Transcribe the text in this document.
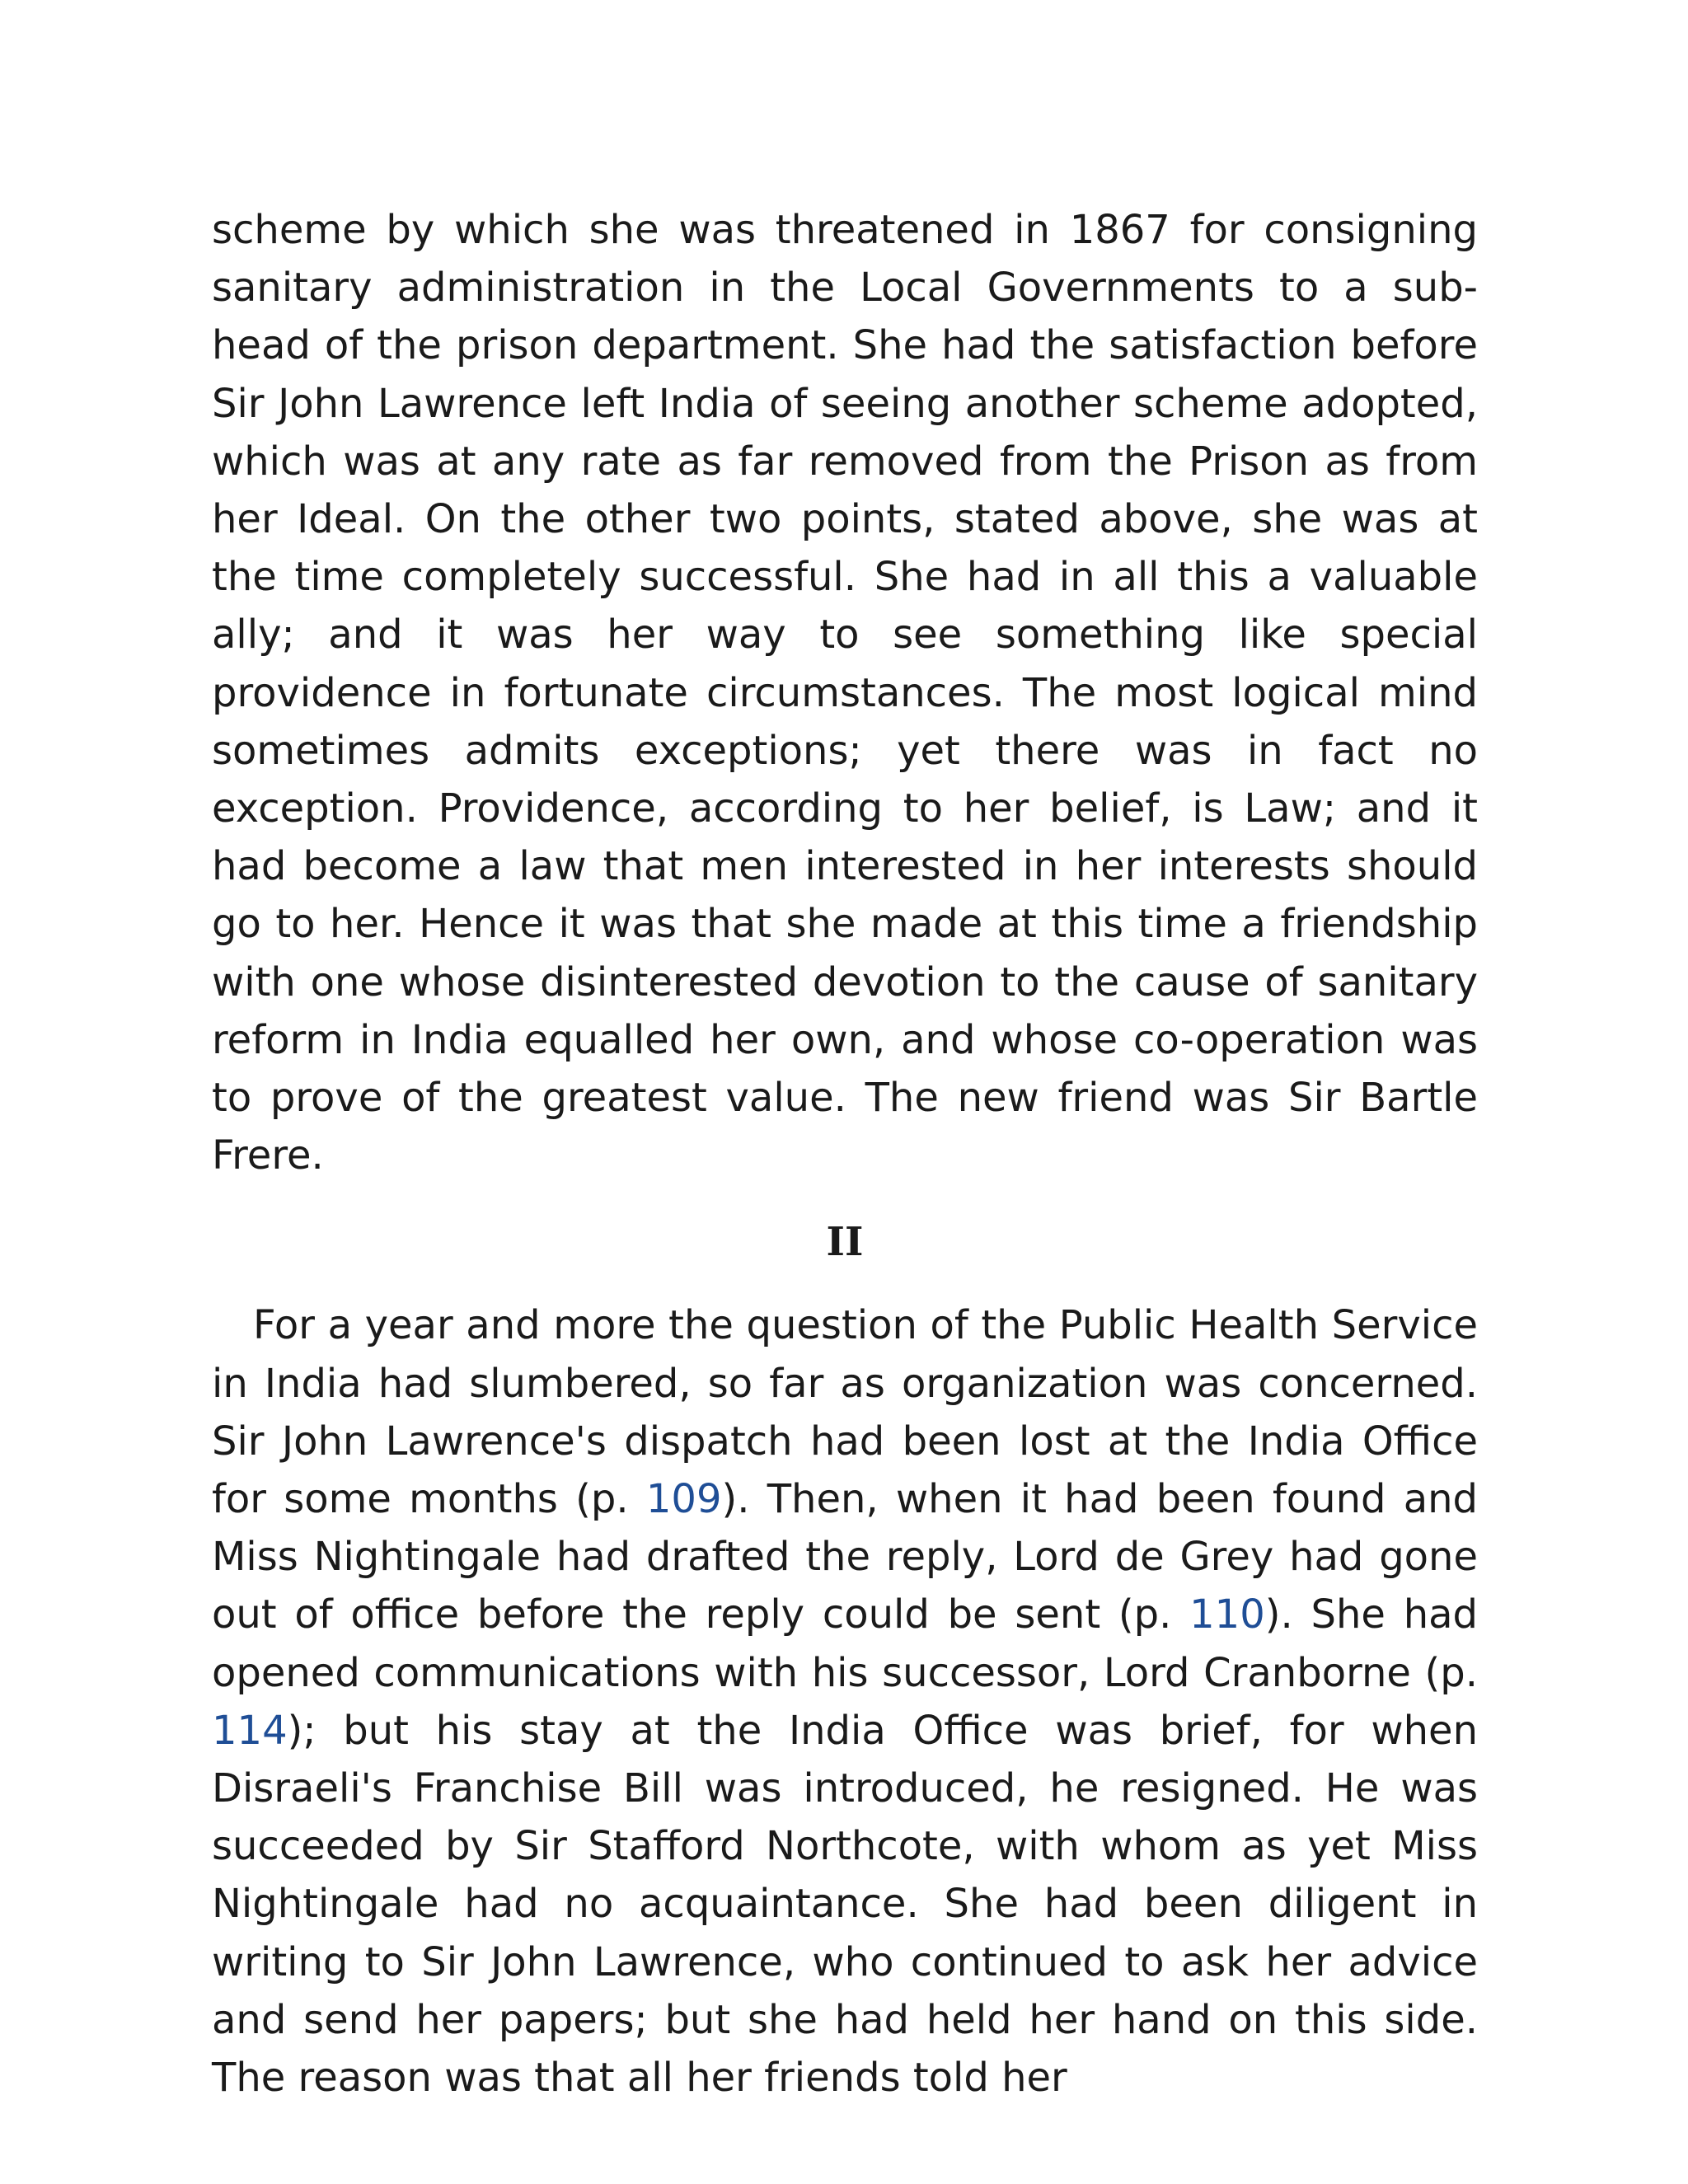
scheme by which she was threatened in 1867 for consigning sanitary administration in the Local Governments to a sub-head of the prison department. She had the satisfaction before Sir John Lawrence left India of seeing another scheme adopted, which was at any rate as far removed from the Prison as from her Ideal. On the other two points, stated above, she was at the time completely successful. She had in all this a valuable ally; and it was her way to see something like special providence in fortunate circumstances. The most logical mind sometimes admits exceptions; yet there was in fact no exception. Providence, according to her belief, is Law; and it had become a law that men interested in her interests should go to her. Hence it was that she made at this time a friendship with one whose disinterested devotion to the cause of sanitary reform in India equalled her own, and whose co-operation was to prove of the greatest value. The new friend was Sir Bartle Frere.

II

For a year and more the question of the Public Health Service in India had slumbered, so far as organization was concerned. Sir John Lawrence's dispatch had been lost at the India Office for some months (p. 109). Then, when it had been found and Miss Nightingale had drafted the reply, Lord de Grey had gone out of office before the reply could be sent (p. 110). She had opened communications with his successor, Lord Cranborne (p. 114); but his stay at the India Office was brief, for when Disraeli's Franchise Bill was introduced, he resigned. He was succeeded by Sir Stafford Northcote, with whom as yet Miss Nightingale had no acquaintance. She had been diligent in writing to Sir John Lawrence, who continued to ask her advice and send her papers; but she had held her hand on this side. The reason was that all her friends told her
